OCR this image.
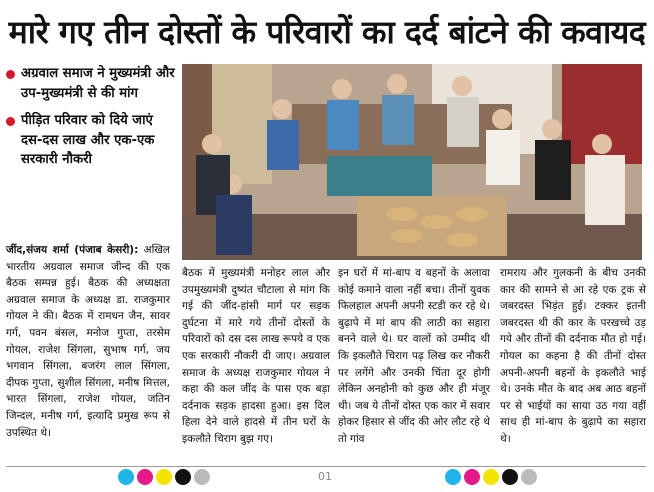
मारे गए तीन दोस्तों के परिवारों का दर्द बांटने की कवायद
अग्रवाल समाज ने मुख्यमंत्री और उप-मुख्यमंत्री से की मांग
पीड़ित परिवार को दिये जाएं दस-दस लाख और एक-एक सरकारी नौकरी
जींद,संजय शर्मा (पंजाब केसरी): अखिल भारतीय अग्रवाल समाज जीन्द की एक बैठक सम्पन्न हुई। बैठक की अध्यक्षता अग्रवाल समाज के अध्यक्ष डा. राजकुमार गोयल ने की। बैठक में रामधन जैन, सावर गर्ग, पवन बंसल, मनोज गुप्ता, तरसेम गोयल, राजेश सिंगला, सुभाष गर्ग, जय भगवान सिंगला, बजरंग लाल सिंगला, दीपक गुप्ता, सुशील सिंगला, मनीष मित्तल, भारत सिंगला, राजेश गोयल, जतिन जिन्दल, मनीष गर्ग, इत्यादि प्रमुख रूप से उपस्थित थे।
बैठक में मुख्यमंत्री मनोहर लाल और उपमुख्यमंत्री दुष्यंत चौटाला से मांग कि गई की जींद-हांसी मार्ग पर सड़क दुर्घटना में मारे गये तीनों दोस्तों के परिवारों को दस दस लाख रूपये व एक एक सरकारी नौकरी दी जाए। अग्रवाल समाज के अध्यक्ष राजकुमार गोयल ने कहा की कल जींद के पास एक बड़ा दर्दनाक सड़क हादसा हुआ। इस दिल हिला देने वाले हादसे में तीन घरों के इकलौते चिराग बुझ गए।
इन घरों में मां-बाप व बहनों के अलावा कोई कमाने वाला नहीं बचा। तीनों युवक फिलहाल अपनी अपनी स्टडी कर रहे थे। बुढ़ापे में मां बाप की लाठी का सहारा बनने वाले थे। घर वालों को उम्मीद थी कि इकलौते चिराग पढ़ लिख कर नौकरी पर लगेंगे और उनकी चिंता दूर होगी लेकिन अनहोनी को कुछ और ही मंजूर थी। जब ये तीनों दोस्त एक कार में सवार होकर हिसार से जींद की ओर लौट रहे थे तो गांव
रामराय और गुलकनी के बीच उनकी कार की सामने से आ रहे एक ट्रक से जबरदस्त भिड़ंत हुई। टक्कर इतनी जबरदस्त थी की कार के परखच्चे उड़ गये और तीनों की दर्दनाक मौत हो गई। गोयल का कहना है की तीनों दोस्त अपनी-अपनी बहनों के इकलौते भाई थे। उनके मौत के बाद अब आठ बहनों पर से भाईयों का साया उठ गया वहीं साथ ही मां-बाप के बुढ़ापे का सहारा थे।
01
